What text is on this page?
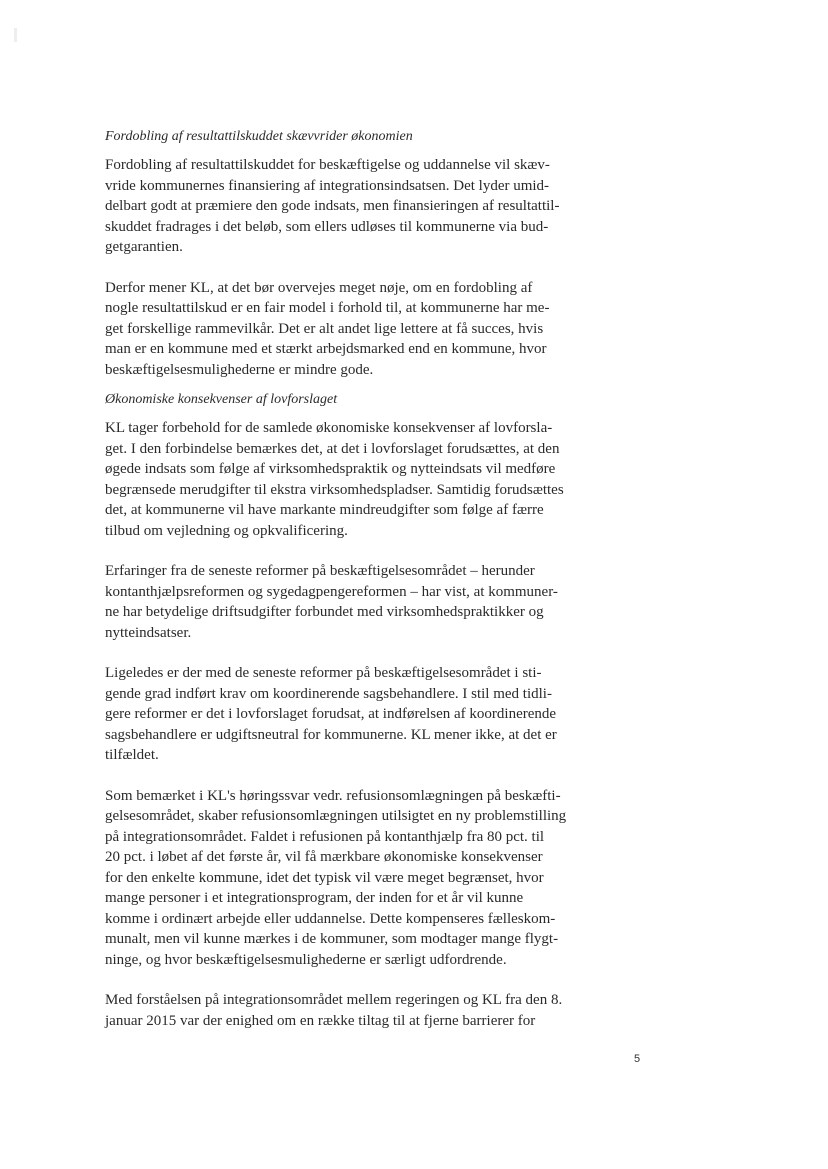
Fordobling af resultattilskuddet skævvrider økonomien
Fordobling af resultattilskuddet for beskæftigelse og uddannelse vil skæv-
vride kommunernes finansiering af integrationsindsatsen. Det lyder umid-
delbart godt at præmiere den gode indsats, men finansieringen af resultattil-
skuddet fradrages i det beløb, som ellers udløses til kommunerne via bud-
getgarantien.
Derfor mener KL, at det bør overvejes meget nøje, om en fordobling af
nogle resultattilskud er en fair model i forhold til, at kommunerne har me-
get forskellige rammevilkår. Det er alt andet lige lettere at få succes, hvis
man er en kommune med et stærkt arbejdsmarked end en kommune, hvor
beskæftigelsesmulighederne er mindre gode.
Økonomiske konsekvenser af lovforslaget
KL tager forbehold for de samlede økonomiske konsekvenser af lovforsla-
get. I den forbindelse bemærkes det, at det i lovforslaget forudsættes, at den
øgede indsats som følge af virksomhedspraktik og nytteindsats vil medføre
begrænsede merudgifter til ekstra virksomhedspladser. Samtidig forudsættes
det, at kommunerne vil have markante mindreudgifter som følge af færre
tilbud om vejledning og opkvalificering.
Erfaringer fra de seneste reformer på beskæftigelsesområdet – herunder
kontanthjælpsreformen og sygedagpengereformen – har vist, at kommuner-
ne har betydelige driftsudgifter forbundet med virksomhedspraktikker og
nytteindsatser.
Ligeledes er der med de seneste reformer på beskæftigelsesområdet i sti-
gende grad indført krav om koordinerende sagsbehandlere. I stil med tidli-
gere reformer er det i lovforslaget forudsat, at indførelsen af koordinerende
sagsbehandlere er udgiftsneutral for kommunerne. KL mener ikke, at det er
tilfældet.
Som bemærket i KL's høringssvar vedr. refusionsomlægningen på beskæfti-
gelsesområdet, skaber refusionsomlægningen utilsigtet en ny problemstilling
på integrationsområdet. Faldet i refusionen på kontanthjælp fra 80 pct. til
20 pct. i løbet af det første år, vil få mærkbare økonomiske konsekvenser
for den enkelte kommune, idet det typisk vil være meget begrænset, hvor
mange personer i et integrationsprogram, der inden for et år vil kunne
komme i ordinært arbejde eller uddannelse. Dette kompenseres fælleskom-
munalt, men vil kunne mærkes i de kommuner, som modtager mange flygt-
ninge, og hvor beskæftigelsesmulighederne er særligt udfordrende.
Med forståelsen på integrationsområdet mellem regeringen og KL fra den 8.
januar 2015 var der enighed om en række tiltag til at fjerne barrierer for
5
